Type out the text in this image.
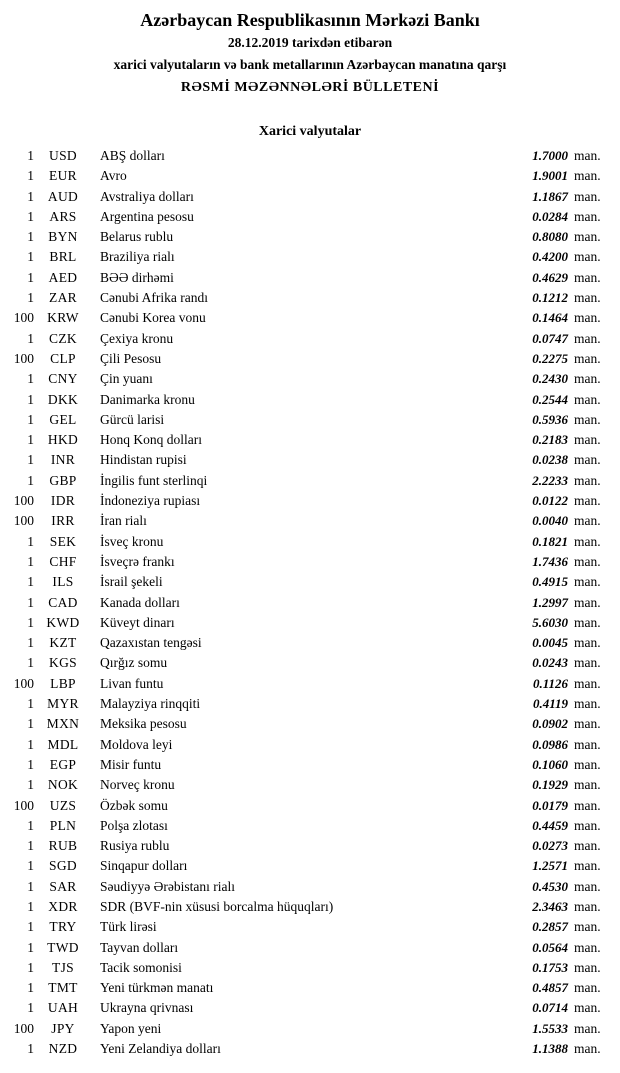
Azərbaycan Respublikasının Mərkəzi Bankı
28.12.2019 tarixdən etibarən
xarici valyutaların və bank metallarının Azərbaycan manatına qarşı
RƏSMİ MƏZƏNNƏLƏRİ BÜLLETENİ
Xarici valyutalar
1	USD	ABŞ dolları	1.7000 man.
1	EUR	Avro	1.9001 man.
1	AUD	Avstraliya dolları	1.1867 man.
1	ARS	Argentina pesosu	0.0284 man.
1	BYN	Belarus rublu	0.8080 man.
1	BRL	Braziliya rialı	0.4200 man.
1	AED	BƏƏ dirhəmi	0.4629 man.
1	ZAR	Cənubi Afrika randı	0.1212 man.
100 KRW	Cənubi Korea vonu	0.1464 man.
1	CZK	Çexiya kronu	0.0747 man.
100	CLP	Çili Pesosu	0.2275 man.
1	CNY	Çin yuanı	0.2430 man.
1	DKK	Danimarka kronu	0.2544 man.
1	GEL	Gürcü larisi	0.5936 man.
1	HKD	Honq Konq dolları	0.2183 man.
1	INR	Hindistan rupisi	0.0238 man.
1	GBP	İngilis funt sterlinqi	2.2233 man.
100	IDR	İndoneziya rupiası	0.0122 man.
100	IRR	İran rialı	0.0040 man.
1	SEK	İsveç kronu	0.1821 man.
1	CHF	İsveçrə frankı	1.7436 man.
1	ILS	İsrail şekeli	0.4915 man.
1	CAD	Kanada dolları	1.2997 man.
1 KWD	Küveyt dinarı	5.6030 man.
1	KZT	Qazaxıstan tengəsi	0.0045 man.
1	KGS	Qırğız somu	0.0243 man.
100	LBP	Livan funtu	0.1126 man.
1 MYR	Malayziya rinqqiti	0.4119 man.
1 MXN	Meksika pesosu	0.0902 man.
1	MDL	Moldova leyi	0.0986 man.
1	EGP	Misir funtu	0.1060 man.
1	NOK	Norveç kronu	0.1929 man.
100	UZS	Özbək somu	0.0179 man.
1	PLN	Polşa zlotası	0.4459 man.
1	RUB	Rusiya rublu	0.0273 man.
1	SGD	Sinqapur dolları	1.2571 man.
1	SAR	Səudiyyə Ərəbistanı rialı	0.4530 man.
1	XDR	SDR (BVF-nin xüsusi borcalma hüquqları)	2.3463 man.
1	TRY	Türk lirəsi	0.2857 man.
1 TWD	Tayvan dolları	0.0564 man.
1	TJS	Tacik somonisi	0.1753 man.
1	TMT	Yeni türkmən manatı	0.4857 man.
1	UAH	Ukrayna qrivnası	0.0714 man.
100	JPY	Yapon yeni	1.5533 man.
1	NZD	Yeni Zelandiya dolları	1.1388 man.
